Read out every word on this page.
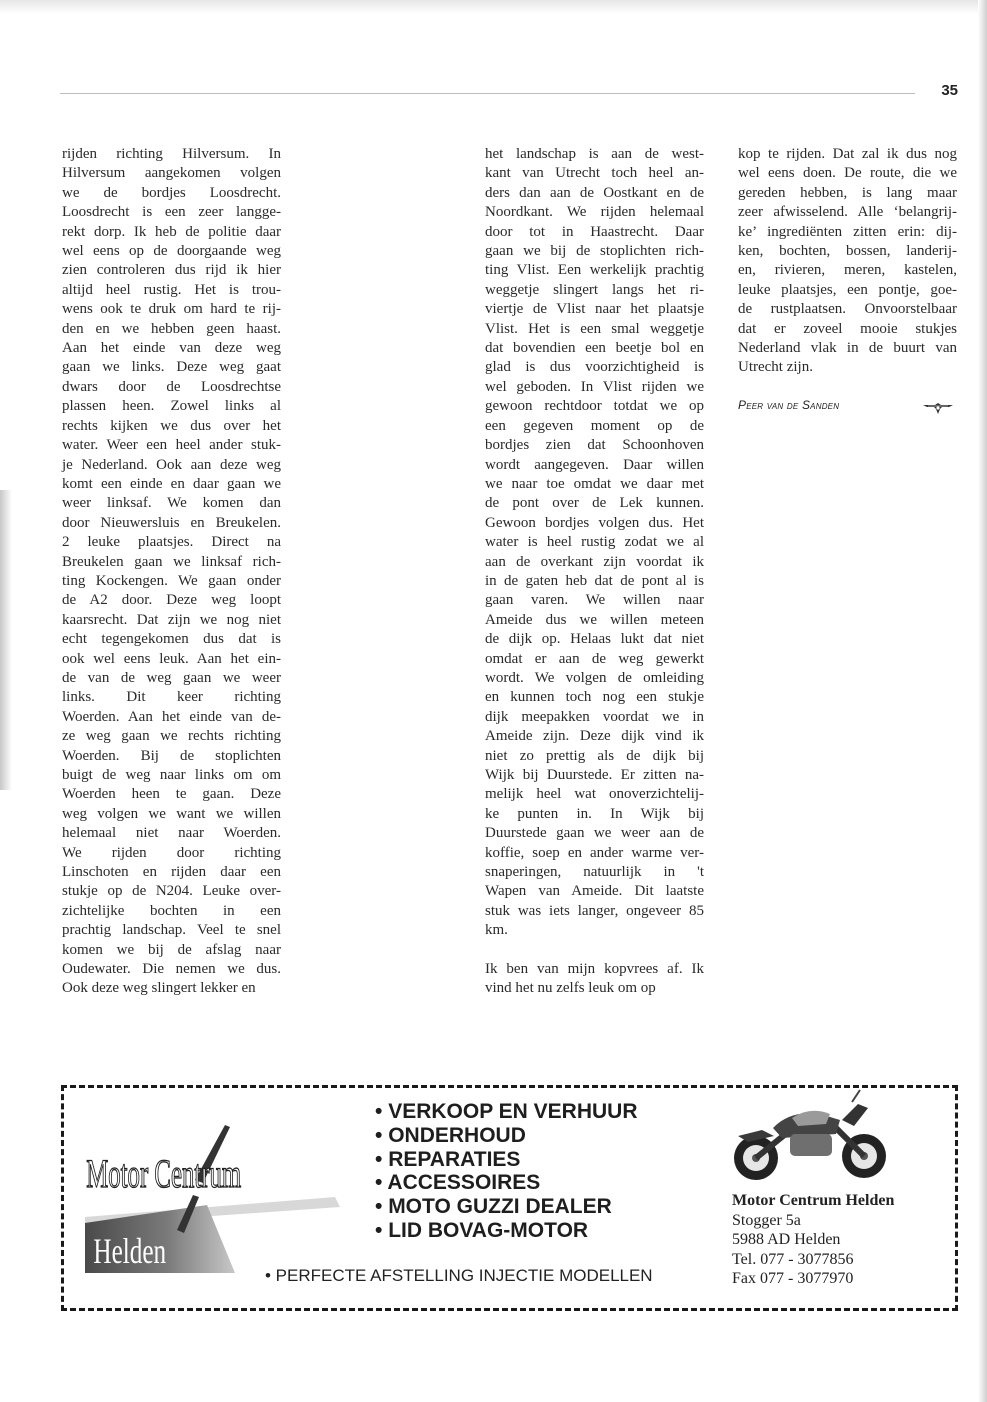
35
rijden richting Hilversum. In
Hilversum aangekomen volgen
we de bordjes Loosdrecht.
Loosdrecht is een zeer langge-
rekt dorp. Ik heb de politie daar
wel eens op de doorgaande weg
zien controleren dus rijd ik hier
altijd heel rustig. Het is trou-
wens ook te druk om hard te rij-
den en we hebben geen haast.
Aan het einde van deze weg
gaan we links. Deze weg gaat
dwars door de Loosdrechtse
plassen heen. Zowel links al
rechts kijken we dus over het
water. Weer een heel ander stuk-
je Nederland. Ook aan deze weg
komt een einde en daar gaan we
weer linksaf. We komen dan
door Nieuwersluis en Breukelen.
2 leuke plaatsjes. Direct na
Breukelen gaan we linksaf rich-
ting Kockengen. We gaan onder
de A2 door. Deze weg loopt
kaarsrecht. Dat zijn we nog niet
echt tegengekomen dus dat is
ook wel eens leuk. Aan het ein-
de van de weg gaan we weer
links. Dit keer richting
Woerden. Aan het einde van de-
ze weg gaan we rechts richting
Woerden. Bij de stoplichten
buigt de weg naar links om om
Woerden heen te gaan. Deze
weg volgen we want we willen
helemaal niet naar Woerden.
We rijden door richting
Linschoten en rijden daar een
stukje op de N204. Leuke over-
zichtelijke bochten in een
prachtig landschap. Veel te snel
komen we bij de afslag naar
Oudewater. Die nemen we dus.
Ook deze weg slingert lekker en
het landschap is aan de west-
kant van Utrecht toch heel an-
ders dan aan de Oostkant en de
Noordkant. We rijden helemaal
door tot in Haastrecht. Daar
gaan we bij de stoplichten rich-
ting Vlist. Een werkelijk prachtig
weggetje slingert langs het ri-
viertje de Vlist naar het plaatsje
Vlist. Het is een smal weggetje
dat bovendien een beetje bol en
glad is dus voorzichtigheid is
wel geboden. In Vlist rijden we
gewoon rechtdoor totdat we op
een gegeven moment op de
bordjes zien dat Schoonhoven
wordt aangegeven. Daar willen
we naar toe omdat we daar met
de pont over de Lek kunnen.
Gewoon bordjes volgen dus. Het
water is heel rustig zodat we al
aan de overkant zijn voordat ik
in de gaten heb dat de pont al is
gaan varen. We willen naar
Ameide dus we willen meteen
de dijk op. Helaas lukt dat niet
omdat er aan de weg gewerkt
wordt. We volgen de omleiding
en kunnen toch nog een stukje
dijk meepakken voordat we in
Ameide zijn. Deze dijk vind ik
niet zo prettig als de dijk bij
Wijk bij Duurstede. Er zitten na-
melijk heel wat onoverzichtelij-
ke punten in. In Wijk bij
Duurstede gaan we weer aan de
koffie, soep en ander warme ver-
snaperingen, natuurlijk in 't
Wapen van Ameide. Dit laatste
stuk was iets langer, ongeveer 85
km.
Ik ben van mijn kopvrees af. Ik
vind het nu zelfs leuk om op
kop te rijden. Dat zal ik dus nog
wel eens doen. De route, die we
gereden hebben, is lang maar
zeer afwisselend. Alle ‘belangrij-
ke’ ingrediënten zitten erin: dij-
ken, bochten, bossen, landerij-
en, rivieren, meren, kastelen,
leuke plaatsjes, een pontje, goe-
de rustplaatsen. Onvoorstelbaar
dat er zoveel mooie stukjes
Nederland vlak in de buurt van
Utrecht zijn.
Peer van de Sanden
Motor Centrum
Helden
• VERKOOP EN VERHUUR
• ONDERHOUD
• REPARATIES
• ACCESSOIRES
• MOTO GUZZI DEALER
• LID BOVAG-MOTOR
• PERFECTE AFSTELLING INJECTIE MODELLEN
Motor Centrum Helden
Stogger 5a
5988 AD Helden
Tel. 077 - 3077856
Fax 077 - 3077970
